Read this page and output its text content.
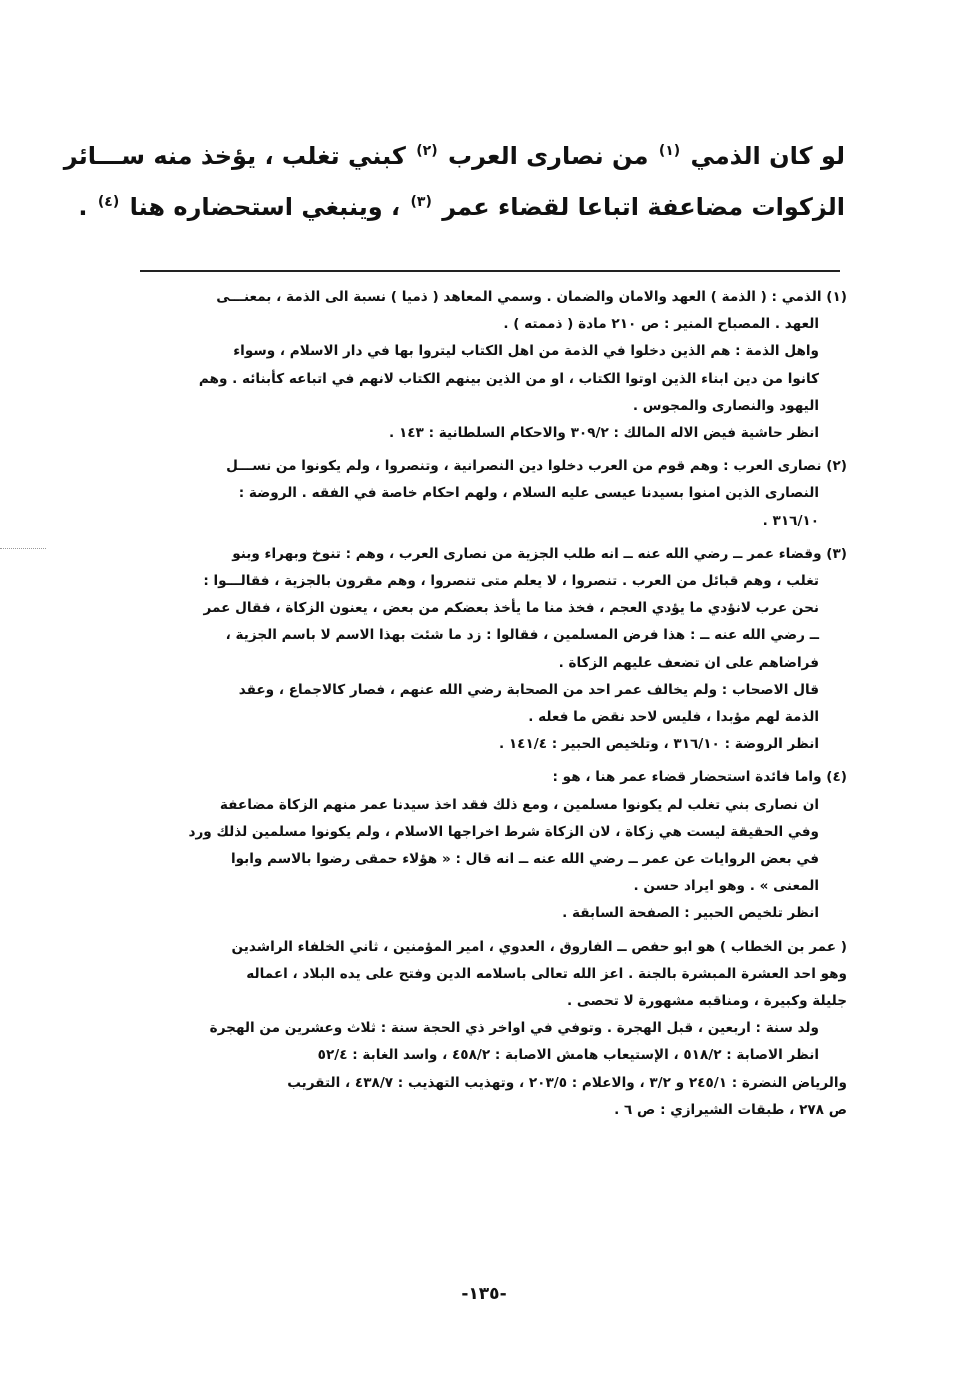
لو كان الذمي $^{(١)}$ من نصارى العرب $^{(٢)}$ كبني تغلب ، يؤخذ منه ســـائر

الزكوات مضاعفة اتباعا لقضاء عمر $^{(٣)}$ ، وينبغي استحضاره هنا $^{(٤)}$ .

(١) الذمي : ( الذمة ) العهد والامان والضمان . وسمي المعاهد ( ذميا ) نسبة الى الذمة ، بمعنـــى

العهد . المصباح المنير : ص ٢١٠ مادة ( ذممته ) .

واهل الذمة : هم الذين دخلوا في الذمة من اهل الكتاب ليتروا بها في دار الاسلام ، وسواء

كانوا من دين ابناء الذين اوتوا الكتاب ، او من الذين بينهم الكتاب لانهم في اتباعه كأبنائه . وهم

اليهود والنصارى والمجوس .

انظر حاشية فيض الاله المالك : ٣٠٩/٢ والاحكام السلطانية : ١٤٣ .

(٢) نصارى العرب : وهم قوم من العرب دخلوا دين النصرانية ، وتنصروا ، ولم يكونوا من نســـل

النصارى الذين امنوا بسيدنا عيسى عليه السلام ، ولهم احكام خاصة في الفقه . الروضة :

٣١٦/١٠ .

(٣) وقضاء عمر ــ رضي الله عنه ــ انه طلب الجزية من نصارى العرب ، وهم : تنوخ وبهراء وبنو

تغلب ، وهم قبائل من العرب . تنصروا ، لا يعلم متى تنصروا ، وهم مقرون بالجزية ، فقالـــوا :

نحن عرب لانؤدي ما يؤدي العجم ، فخذ منا ما يأخذ بعضكم من بعض ، يعنون الزكاة ، فقال عمر

ــ رضي الله عنه ــ : هذا فرض المسلمين ، فقالوا : زد ما شئت بهذا الاسم لا باسم الجزية ،

فراضاهم على ان تضعف عليهم الزكاة .

قال الاصحاب : ولم يخالف عمر احد من الصحابة رضي الله عنهم ، فصار كالاجماع ، وعقد

الذمة لهم مؤبدا ، فليس لاحد نقض ما فعله .

انظر الروضة : ٣١٦/١٠ ، وتلخيص الحبير : ١٤١/٤ .

(٤) واما فائدة استحضار قضاء عمر هنا ، هو :

ان نصارى بني تغلب لم يكونوا مسلمين ، ومع ذلك فقد اخذ سيدنا عمر منهم الزكاة مضاعفة

وفي الحقيقة ليست هي زكاة ، لان الزكاة شرط اخراجها الاسلام ، ولم يكونوا مسلمين لذلك ورد

في بعض الروايات عن عمر ــ رضي الله عنه ــ انه قال : « هؤلاء حمقى رضوا بالاسم وابوا

المعنى » . وهو ايراد حسن .

انظر تلخيص الحبير : الصفحة السابقة .

( عمر بن الخطاب ) هو ابو حفص ــ الفاروق ، العدوي ، امير المؤمنين ، ثاني الخلفاء الراشدين

وهو احد العشرة المبشرة بالجنة . اعز الله تعالى باسلامه الدين وفتح على يده البلاد ، اعماله

جليلة وكبيرة ، ومناقبه مشهورة لا تحصى .

ولد سنة : اربعين ، قبل الهجرة . وتوفي في اواخر ذي الحجة سنة : ثلاث وعشرين من الهجرة

انظر الاصابة : ٥١٨/٢ ، الإستيعاب هامش الاصابة : ٤٥٨/٢ ، واسد الغابة : ٥٢/٤

والرياض النضرة : ٢٤٥/١ و ٣/٢ ، والاعلام : ٢٠٣/٥ ، وتهذيب التهذيب : ٤٣٨/٧ ، التقريب

ص ٢٧٨ ، طبقات الشيرازي : ص ٦ .

-١٣٥-
